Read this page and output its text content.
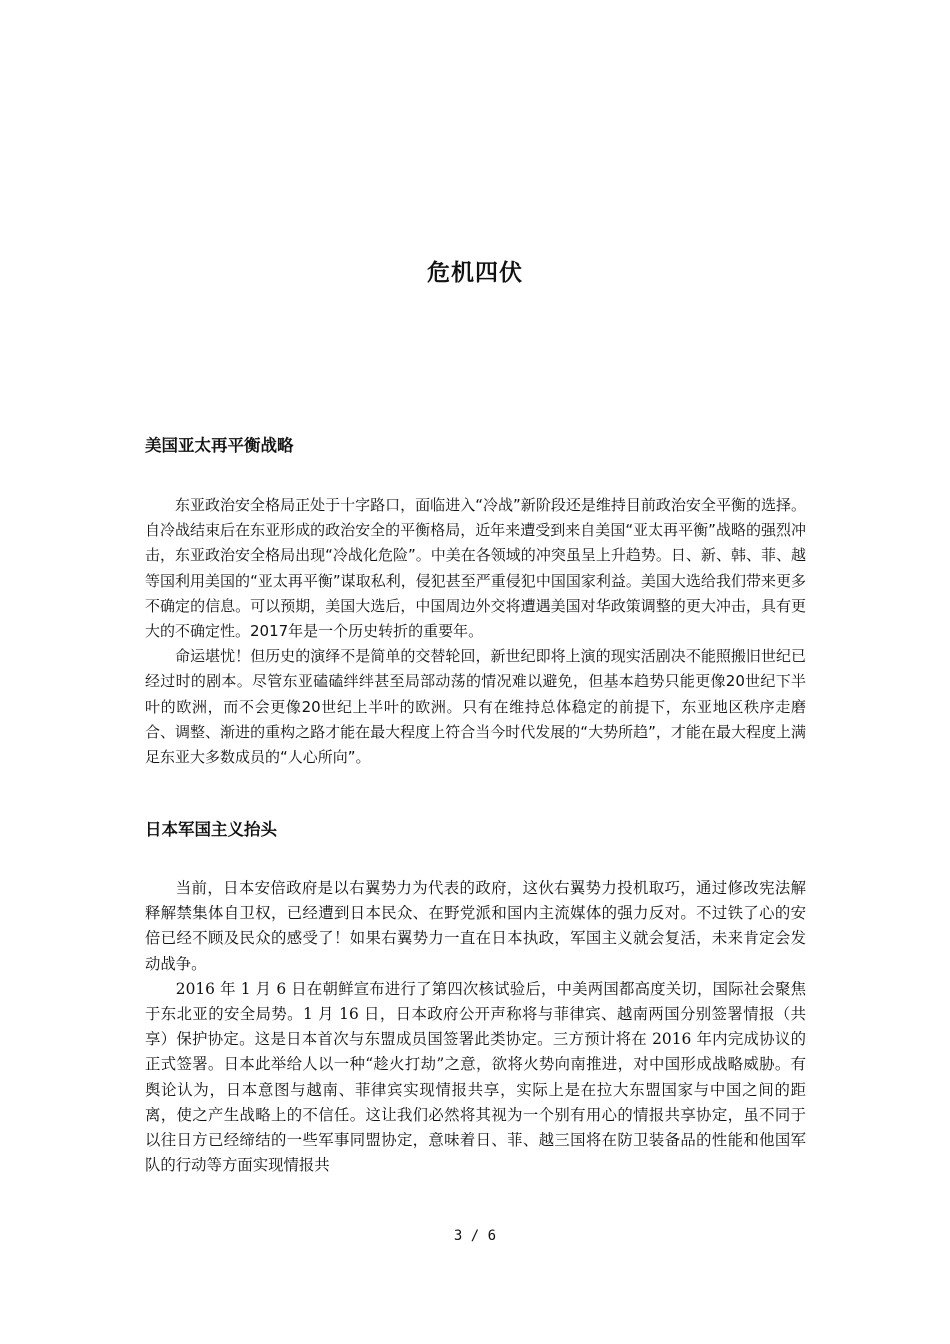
危机四伏
美国亚太再平衡战略

东亚政治安全格局正处于十字路口，面临进入“冷战”新阶段还是维持目前政治安全平衡的选择。自冷战结束后在东亚形成的政治安全的平衡格局，近年来遭受到来自美国“亚太再平衡”战略的强烈冲击，东亚政治安全格局出现“冷战化危险”。中美在各领域的冲突虽呈上升趋势。日、新、韩、菲、越等国利用美国的“亚太再平衡”谋取私利，侵犯甚至严重侵犯中国国家利益。美国大选给我们带来更多不确定的信息。可以预期，美国大选后，中国周边外交将遭遇美国对华政策调整的更大冲击，具有更大的不确定性。2017年是一个历史转折的重要年。

命运堪忧！但历史的演绎不是简单的交替轮回，新世纪即将上演的现实活剧决不能照搬旧世纪已经过时的剧本。尽管东亚磕磕绊绊甚至局部动荡的情况难以避免，但基本趋势只能更像20世纪下半叶的欧洲，而不会更像20世纪上半叶的欧洲。只有在维持总体稳定的前提下，东亚地区秩序走磨合、调整、渐进的重构之路才能在最大程度上符合当今时代发展的“大势所趋”，才能在最大程度上满足东亚大多数成员的“人心所向”。

日本军国主义抬头

当前，日本安倍政府是以右翼势力为代表的政府，这伙右翼势力投机取巧，通过修改宪法解释解禁集体自卫权，已经遭到日本民众、在野党派和国内主流媒体的强力反对。不过铁了心的安倍已经不顾及民众的感受了！如果右翼势力一直在日本执政，军国主义就会复活，未来肯定会发动战争。

2016 年 1 月 6 日在朝鲜宣布进行了第四次核试验后，中美两国都高度关切，国际社会聚焦于东北亚的安全局势。1 月 16 日，日本政府公开声称将与菲律宾、越南两国分别签署情报（共享）保护协定。这是日本首次与东盟成员国签署此类协定。三方预计将在 2016 年内完成协议的正式签署。日本此举给人以一种“趁火打劫”之意，欲将火势向南推进，对中国形成战略威胁。有舆论认为，日本意图与越南、菲律宾实现情报共享，实际上是在拉大东盟国家与中国之间的距离，使之产生战略上的不信任。这让我们必然将其视为一个别有用心的情报共享协定，虽不同于以往日方已经缔结的一些军事同盟协定，意味着日、菲、越三国将在防卫装备品的性能和他国军队的行动等方面实现情报共

3 / 6
